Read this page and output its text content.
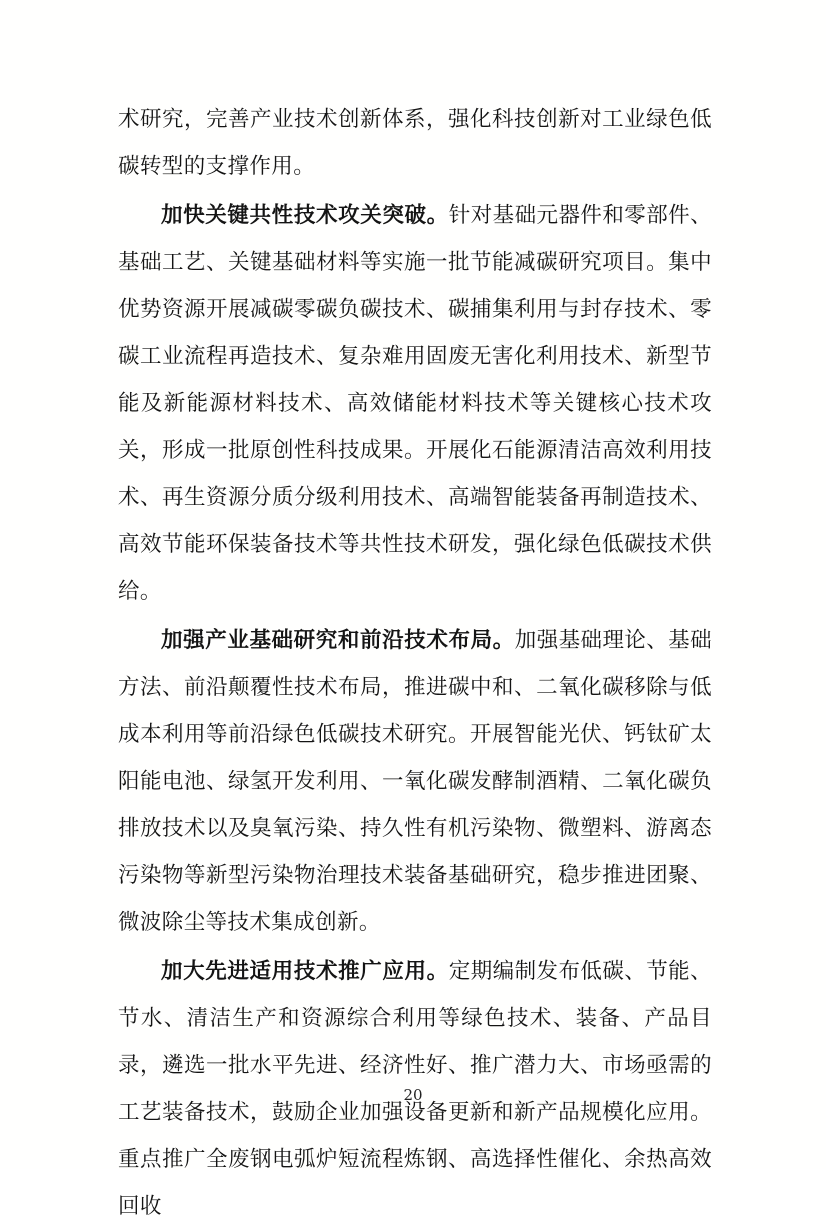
术研究，完善产业技术创新体系，强化科技创新对工业绿色低碳转型的支撑作用。

加快关键共性技术攻关突破。针对基础元器件和零部件、基础工艺、关键基础材料等实施一批节能减碳研究项目。集中优势资源开展减碳零碳负碳技术、碳捕集利用与封存技术、零碳工业流程再造技术、复杂难用固废无害化利用技术、新型节能及新能源材料技术、高效储能材料技术等关键核心技术攻关，形成一批原创性科技成果。开展化石能源清洁高效利用技术、再生资源分质分级利用技术、高端智能装备再制造技术、高效节能环保装备技术等共性技术研发，强化绿色低碳技术供给。

加强产业基础研究和前沿技术布局。加强基础理论、基础方法、前沿颠覆性技术布局，推进碳中和、二氧化碳移除与低成本利用等前沿绿色低碳技术研究。开展智能光伏、钙钛矿太阳能电池、绿氢开发利用、一氧化碳发酵制酒精、二氧化碳负排放技术以及臭氧污染、持久性有机污染物、微塑料、游离态污染物等新型污染物治理技术装备基础研究，稳步推进团聚、微波除尘等技术集成创新。

加大先进适用技术推广应用。定期编制发布低碳、节能、节水、清洁生产和资源综合利用等绿色技术、装备、产品目录，遴选一批水平先进、经济性好、推广潜力大、市场亟需的工艺装备技术，鼓励企业加强设备更新和新产品规模化应用。重点推广全废钢电弧炉短流程炼钢、高选择性催化、余热高效回收

20
